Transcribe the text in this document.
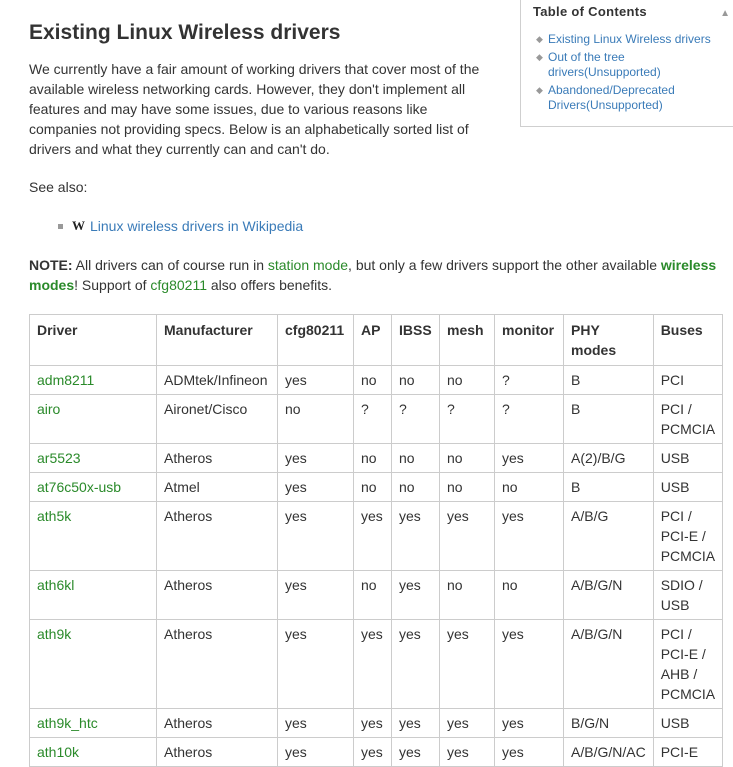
Existing Linux Wireless drivers

We currently have a fair amount of working drivers that cover most of the available wireless networking cards. However, they don't implement all features and may have some issues, due to various reasons like companies not providing specs. Below is an alphabetically sorted list of drivers and what they currently can and can't do.

See also:

W Linux wireless drivers in Wikipedia

NOTE: All drivers can of course run in station mode, but only a few drivers support the other available wireless modes! Support of cfg80211 also offers benefits.

Table of Contents	▲
◆ Existing Linux Wireless drivers
◆ Out of the tree drivers(Unsupported)
◆ Abandoned/Deprecated Drivers(Unsupported)
Driver	Manufacturer	cfg80211	AP	IBSS	mesh	monitor	PHY modes	Buses
adm8211	ADMtek/Infineon	yes	no	no	no	?	B	PCI
airo	Aironet/Cisco	no	?	?	?	?	B	PCI / PCMCIA
ar5523	Atheros	yes	no	no	no	yes	A(2)/B/G	USB
at76c50x-usb	Atmel	yes	no	no	no	no	B	USB
ath5k	Atheros	yes	yes	yes	yes	yes	A/B/G	PCI / PCI-E / PCMCIA
ath6kl	Atheros	yes	no	yes	no	no	A/B/G/N	SDIO / USB
ath9k	Atheros	yes	yes	yes	yes	yes	A/B/G/N	PCI / PCI-E / AHB / PCMCIA
ath9k_htc	Atheros	yes	yes	yes	yes	yes	B/G/N	USB
ath10k	Atheros	yes	yes	yes	yes	yes	A/B/G/N/AC	PCI-E
